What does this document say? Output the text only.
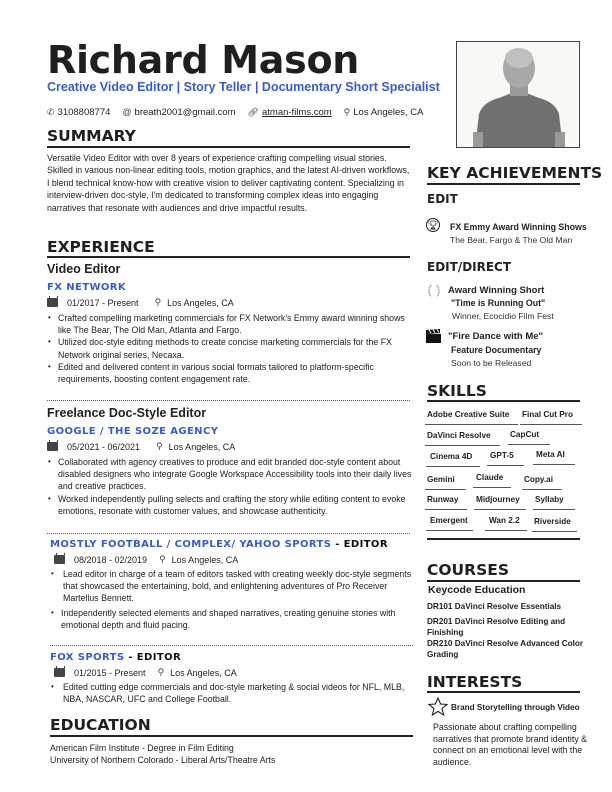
Richard Mason
Creative Video Editor | Story Teller | Documentary Short Specialist
✆ 3108808774 @ breath2001@gmail.com 🔗︎ atman-films.com ⚲ Los Angeles, CA
SUMMARY
Versatile Video Editor with over 8 years of experience crafting compelling visual stories. Skilled in various non-linear editing tools, motion graphics, and the latest AI-driven workflows, I blend technical know-how with creative vision to deliver captivating content. Specializing in interview-driven doc-style, I'm dedicated to transforming complex ideas into engaging narratives that resonate with audiences and drive impactful results.
EXPERIENCE
Video Editor
FX NETWORK
01/2017 - Present ⚲ Los Angeles, CA
• Crafted compelling marketing commercials for FX Network's Emmy award winning shows like The Bear, The Old Man, Atlanta and Fargo.
• Utilized doc-style editing methods to create concise marketing commercials for the FX Network original series, Necaxa.
• Edited and delivered content in various social formats tailored to platform-specific requirements, boosting content engagement rate.
Freelance Doc-Style Editor
GOOGLE / THE SOZE AGENCY
05/2021 - 06/2021 ⚲ Los Angeles, CA
• Collaborated with agency creatives to produce and edit branded doc-style content about disabled designers who integrate Google Workspace Accessibility tools into their daily lives and creative practices.
• Worked independently pulling selects and crafting the story while editing content to evoke emotions, resonate with customer values, and showcase authenticity.
MOSTLY FOOTBALL / COMPLEX/ YAHOO SPORTS - EDITOR
08/2018 - 02/2019 ⚲ Los Angeles, CA
• Lead editor in charge of a team of editors tasked with creating weekly doc-style segments that showcased the entertaining, bold, and enlightening adventures of Pro Receiver Martellus Bennett.
• Independently selected elements and shaped narratives, creating genuine stories with emotional depth and fluid pacing.
FOX SPORTS - EDITOR
01/2015 - Present ⚲ Los Angeles, CA
• Edited cutting edge commercials and doc-style marketing & social videos for NFL, MLB, NBA, NASCAR, UFC and College Football.
EDUCATION
American Film Institute - Degree in Film Editing
University of Northern Colorado - Liberal Arts/Theatre Arts
KEY ACHIEVEMENTS
EDIT
🏆︎ FX Emmy Award Winning Shows
The Bear, Fargo & The Old Man
EDIT/DIRECT
Award Winning Short
"Time is Running Out"
Winner, Ecocidio Film Fest
"Fire Dance with Me"
Feature Documentary
Soon to be Released
SKILLS
Adobe Creative Suite	Final Cut Pro
DaVinci Resolve	CapCut
Cinema 4D	GPT-5	Meta AI
Gemini	Claude	Copy.ai
Runway	Midjourney	Syllaby
Emergent	Wan 2.2	Riverside
COURSES
Keycode Education
DR101 DaVinci Resolve Essentials
DR201 DaVinci Resolve Editing and Finishing
DR210 DaVinci Resolve Advanced Color Grading
INTERESTS
Brand Storytelling through Video
Passionate about crafting compelling narratives that promote brand identity & connect on an emotional level with the audience.
